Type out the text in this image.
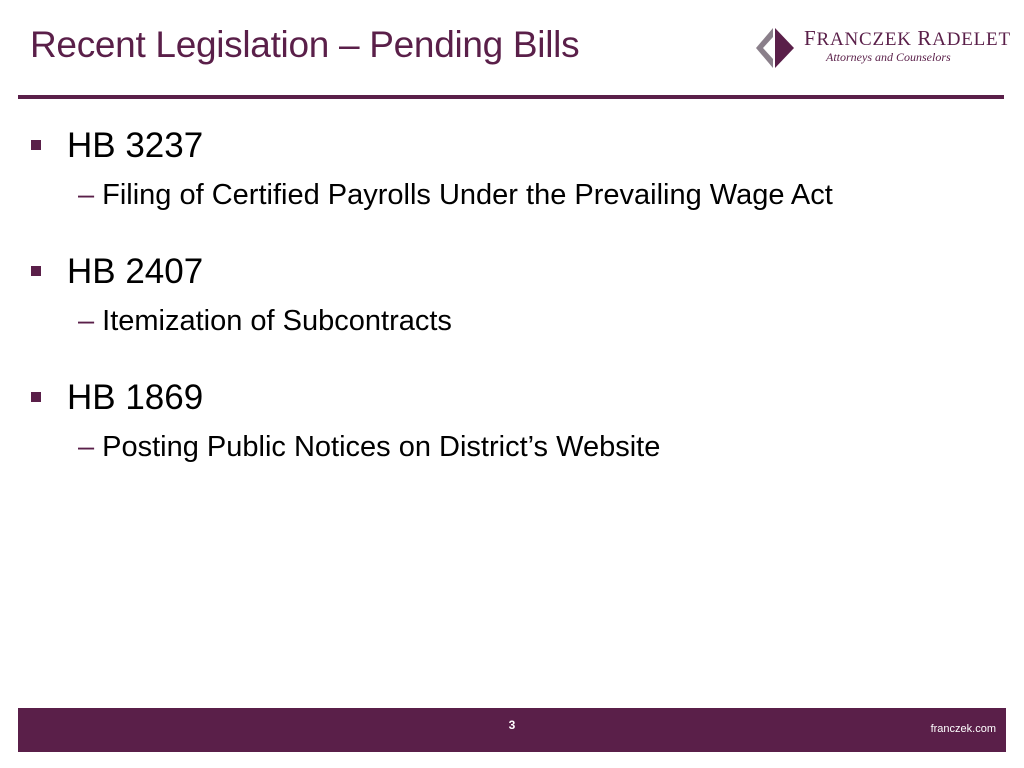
Recent Legislation – Pending Bills	FRANCZEK RADELET
Attorneys and Counselors
HB 3237
– Filing of Certified Payrolls Under the Prevailing Wage Act
HB 2407
– Itemization of Subcontracts
HB 1869
– Posting Public Notices on District’s Website
3	franczek.com
